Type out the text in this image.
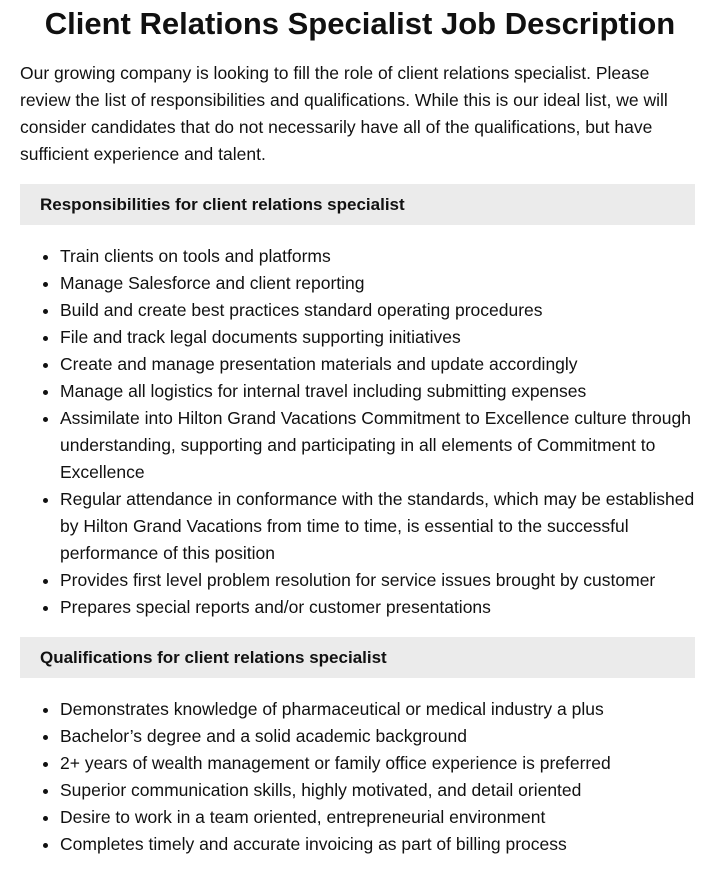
Client Relations Specialist Job Description

Our growing company is looking to fill the role of client relations specialist. Please review the list of responsibilities and qualifications. While this is our ideal list, we will consider candidates that do not necessarily have all of the qualifications, but have sufficient experience and talent.

Responsibilities for client relations specialist
• Train clients on tools and platforms
• Manage Salesforce and client reporting
• Build and create best practices standard operating procedures
• File and track legal documents supporting initiatives
• Create and manage presentation materials and update accordingly
• Manage all logistics for internal travel including submitting expenses
• Assimilate into Hilton Grand Vacations Commitment to Excellence culture through understanding, supporting and participating in all elements of Commitment to Excellence
• Regular attendance in conformance with the standards, which may be established by Hilton Grand Vacations from time to time, is essential to the successful performance of this position
• Provides first level problem resolution for service issues brought by customer
• Prepares special reports and/or customer presentations
Qualifications for client relations specialist
• Demonstrates knowledge of pharmaceutical or medical industry a plus
• Bachelor’s degree and a solid academic background
• 2+ years of wealth management or family office experience is preferred
• Superior communication skills, highly motivated, and detail oriented
• Desire to work in a team oriented, entrepreneurial environment
• Completes timely and accurate invoicing as part of billing process
